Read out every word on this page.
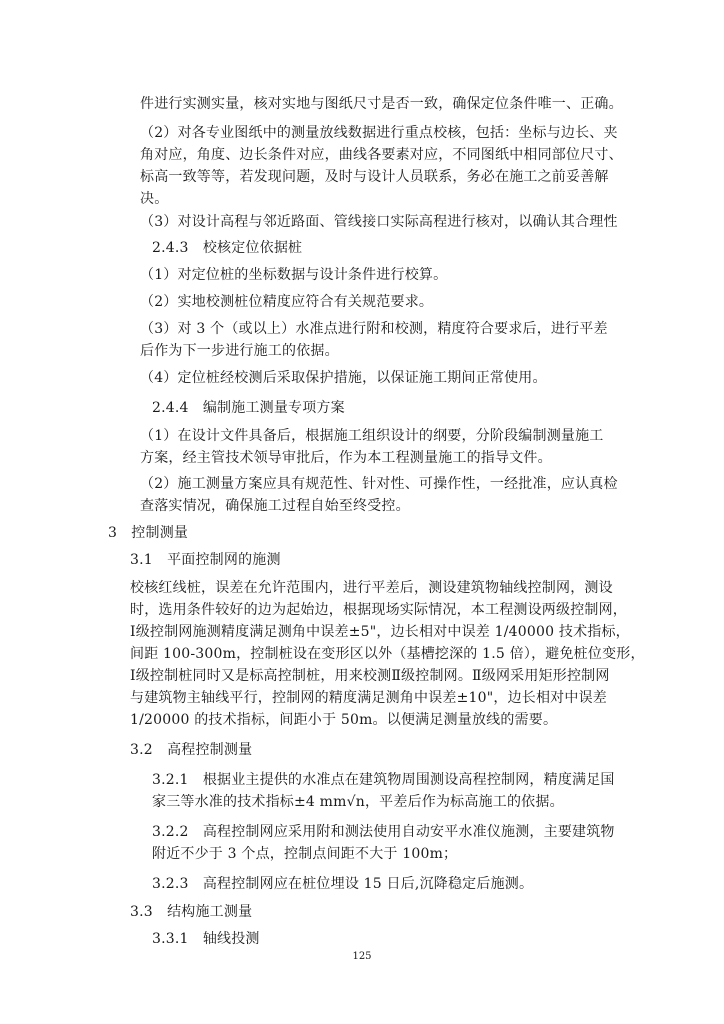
件进行实测实量，核对实地与图纸尺寸是否一致，确保定位条件唯一、正确。
（2）对各专业图纸中的测量放线数据进行重点校核，包括：坐标与边长、夹
角对应，角度、边长条件对应，曲线各要素对应，不同图纸中相同部位尺寸、
标高一致等等，若发现问题，及时与设计人员联系，务必在施工之前妥善解
决。
（3）对设计高程与邻近路面、管线接口实际高程进行核对，以确认其合理性
2.4.3　校核定位依据桩
（1）对定位桩的坐标数据与设计条件进行校算。
（2）实地校测桩位精度应符合有关规范要求。
（3）对 3 个（或以上）水准点进行附和校测，精度符合要求后，进行平差
后作为下一步进行施工的依据。
（4）定位桩经校测后采取保护措施，以保证施工期间正常使用。
2.4.4　编制施工测量专项方案
（1）在设计文件具备后，根据施工组织设计的纲要，分阶段编制测量施工
方案，经主管技术领导审批后，作为本工程测量施工的指导文件。
（2）施工测量方案应具有规范性、针对性、可操作性，一经批准，应认真检
查落实情况，确保施工过程自始至终受控。
3　控制测量
3.1　平面控制网的施测
校核红线桩，误差在允许范围内，进行平差后，测设建筑物轴线控制网，测设
时，选用条件较好的边为起始边，根据现场实际情况，本工程测设两级控制网，
Ⅰ级控制网施测精度满足测角中误差±5"，边长相对中误差 1/40000 技术指标，
间距 100-300m，控制桩设在变形区以外（基槽挖深的 1.5 倍），避免桩位变形，
Ⅰ级控制桩同时又是标高控制桩，用来校测Ⅱ级控制网。Ⅱ级网采用矩形控制网
与建筑物主轴线平行，控制网的精度满足测角中误差±10"，边长相对中误差
1/20000 的技术指标，间距小于 50m。以便满足测量放线的需要。
3.2　高程控制测量
3.2.1　根据业主提供的水准点在建筑物周围测设高程控制网，精度满足国
家三等水准的技术指标±4 mm√n，平差后作为标高施工的依据。
3.2.2　高程控制网应采用附和测法使用自动安平水准仪施测，主要建筑物
附近不少于 3 个点，控制点间距不大于 100m；
3.2.3　高程控制网应在桩位埋设 15 日后,沉降稳定后施测。
3.3　结构施工测量
3.3.1　轴线投测
125
